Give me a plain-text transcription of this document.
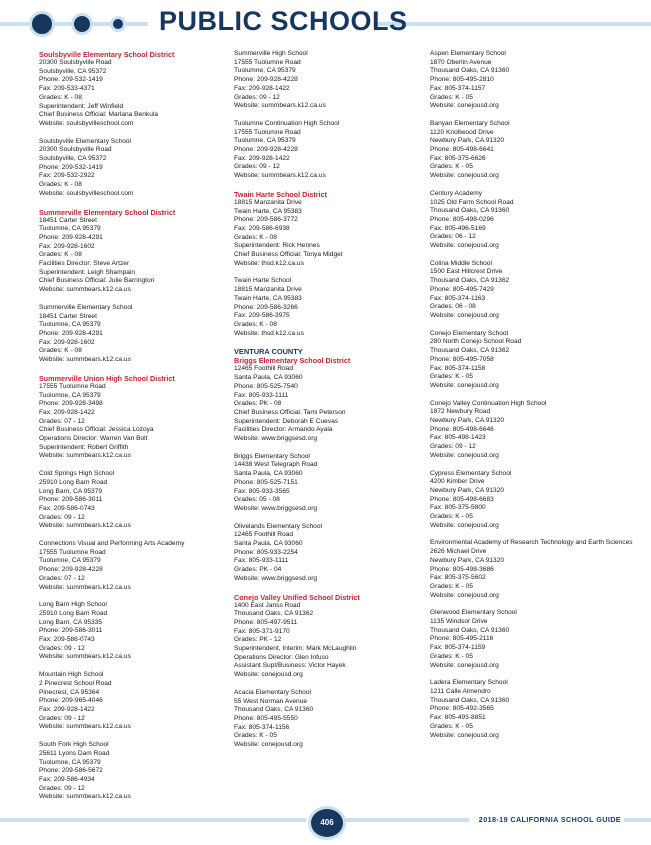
PUBLIC SCHOOLS
Soulsbyville Elementary School District
20300 Soulsbyville Road
Soulsbyville, CA 95372
Phone: 209-532-1419
Fax: 209-533-4371
Grades: K - 08
Superintendent: Jeff Winfield
Chief Business Official: Marlana Benkula
Website: soulsbyvilleschool.com
Soulsbyville Elementary School
20300 Soulsbyville Road
Soulsbyville, CA 95372
Phone: 209-532-1419
Fax: 209-532-2922
Grades: K - 08
Website: soulsbyvilleschool.com
Summerville Elementary School District
18451 Carter Street
Tuolumne, CA 95379
Phone: 209-928-4291
Fax: 209-928-1602
Grades: K - 08
Facilities Director: Steve Artzer
Superintendent: Leigh Shampain
Chief Business Official: Julie Barrington
Website: summbears.k12.ca.us
Summerville Elementary School
18451 Carter Street
Tuolumne, CA 95379
Phone: 209-928-4291
Fax: 209-928-1602
Grades: K - 08
Website: summbears.k12.ca.us
Summerville Union High School District
17555 Tuolumne Road
Tuolumne, CA 95379
Phone: 209-928-3498
Fax: 209-928-1422
Grades: 07 - 12
Chief Business Official: Jessica Lozoya
Operations Director: Warren Van Bolt
Superintendent: Robert Griffith
Website: summbears.k12.ca.us
Cold Springs High School
25910 Long Barn Road
Long Barn, CA 95379
Phone: 209-586-3011
Fax: 209-586-0743
Grades: 09 - 12
Website: summbears.k12.ca.us
Connections Visual and Performing Arts Academy
17555 Tuolumne Road
Tuolumne, CA 95379
Phone: 209-928-4228
Grades: 07 - 12
Website: summbears.k12.ca.us
Long Barn High School
25910 Long Barn Road
Long Barn, CA 95335
Phone: 209-586-3011
Fax: 209-586-0743
Grades: 09 - 12
Website: summbears.k12.ca.us
Mountain High School
2 Pinecrest School Road
Pinecrest, CA 95364
Phone: 209-965-4046
Fax: 209-928-1422
Grades: 09 - 12
Website: summbears.k12.ca.us
South Fork High School
25611 Lyons Dam Road
Tuolumne, CA 95379
Phone: 209-586-5672
Fax: 209-586-4934
Grades: 09 - 12
Website: summbears.k12.ca.us
Summerville High School
17555 Tuolumne Road
Tuolumne, CA 95379
Phone: 209-928-4228
Fax: 209-928-1422
Grades: 09 - 12
Website: summbears.k12.ca.us
Tuolumne Continuation High School
17555 Tuolumne Road
Tuolumne, CA 95379
Phone: 209-928-4228
Fax: 209-928-1422
Grades: 09 - 12
Website: summbears.k12.ca.us
Twain Harte School District
18815 Manzanita Drive
Twain Harte, CA 95383
Phone: 209-586-3772
Fax: 209-586-6938
Grades: K - 08
Superintendent: Rick Hennes
Chief Business Official: Tonya Midget
Website: thsd.k12.ca.us
Twain Harte School
18815 Manzanita Drive
Twain Harte, CA 95383
Phone: 209-586-3266
Fax: 209-586-3975
Grades: K - 08
Website: thsd.k12.ca.us
VENTURA COUNTY
Briggs Elementary School District
12465 Foothill Road
Santa Paula, CA 93060
Phone: 805-525-7540
Fax: 805-933-1111
Grades: PK - 08
Chief Business Official: Tami Peterson
Superintendent: Deborah E Cuevas
Facilities Director: Armando Ayala
Website: www.briggsesd.org
Briggs Elementary School
14438 West Telegraph Road
Santa Paula, CA 93060
Phone: 805-525-7151
Fax: 805-933-3565
Grades: 05 - 08
Website: www.briggsesd.org
Olivelands Elementary School
12465 Foothill Road
Santa Paula, CA 93060
Phone: 805-933-2254
Fax: 805-933-1111
Grades: PK - 04
Website: www.briggsesd.org
Conejo Valley Unified School District
1400 East Janss Road
Thousand Oaks, CA 91362
Phone: 805-497-9511
Fax: 805-371-9170
Grades: PK - 12
Superintendent, Interim: Mark McLaughlin
Operations Director: Glen Infuso
Assistant Supt/Business: Victor Hayek
Website: conejousd.org
Acacia Elementary School
55 West Norman Avenue
Thousand Oaks, CA 91360
Phone: 805-495-5550
Fax: 805-374-1156
Grades: K - 05
Website: conejousd.org
Aspen Elementary School
1870 Oberlin Avenue
Thousand Oaks, CA 91360
Phone: 805-495-2810
Fax: 805-374-1157
Grades: K - 05
Website: conejousd.org
Banyan Elementary School
1120 Knollwood Drive
Newbury Park, CA 91320
Phone: 805-498-6641
Fax: 805-375-6626
Grades: K - 05
Website: conejousd.org
Century Academy
1025 Old Farm School Road
Thousand Oaks, CA 91360
Phone: 805-498-0296
Fax: 805-496-5169
Grades: 06 - 12
Website: conejousd.org
Colina Middle School
1500 East Hillcrest Drive
Thousand Oaks, CA 91362
Phone: 805-495-7429
Fax: 805-374-1163
Grades: 06 - 08
Website: conejousd.org
Conejo Elementary School
280 North Conejo School Road
Thousand Oaks, CA 91362
Phone: 805-495-7058
Fax: 805-374-1158
Grades: K - 05
Website: conejousd.org
Conejo Valley Continuation High School
1872 Newbury Road
Newbury Park, CA 91320
Phone: 805-498-6646
Fax: 805-498-1423
Grades: 09 - 12
Website: conejousd.org
Cypress Elementary School
4200 Kimber Drive
Newbury Park, CA 91320
Phone: 805-498-6683
Fax: 805-375-5800
Grades: K - 05
Website: conejousd.org
Environmental Academy of Research Technology and Earth Sciences
2626 Michael Drive
Newbury Park, CA 91320
Phone: 805-498-3686
Fax: 805-375-5602
Grades: K - 05
Website: conejousd.org
Glenwood Elementary School
1135 Windsor Drive
Thousand Oaks, CA 91360
Phone: 805-495-2116
Fax: 805-374-1159
Grades: K - 05
Website: conejousd.org
Ladera Elementary School
1211 Calle Almendro
Thousand Oaks, CA 91360
Phone: 805-492-3565
Fax: 805-493-8851
Grades: K - 05
Website: conejousd.org
406	2018-19 CALIFORNIA SCHOOL GUIDE
